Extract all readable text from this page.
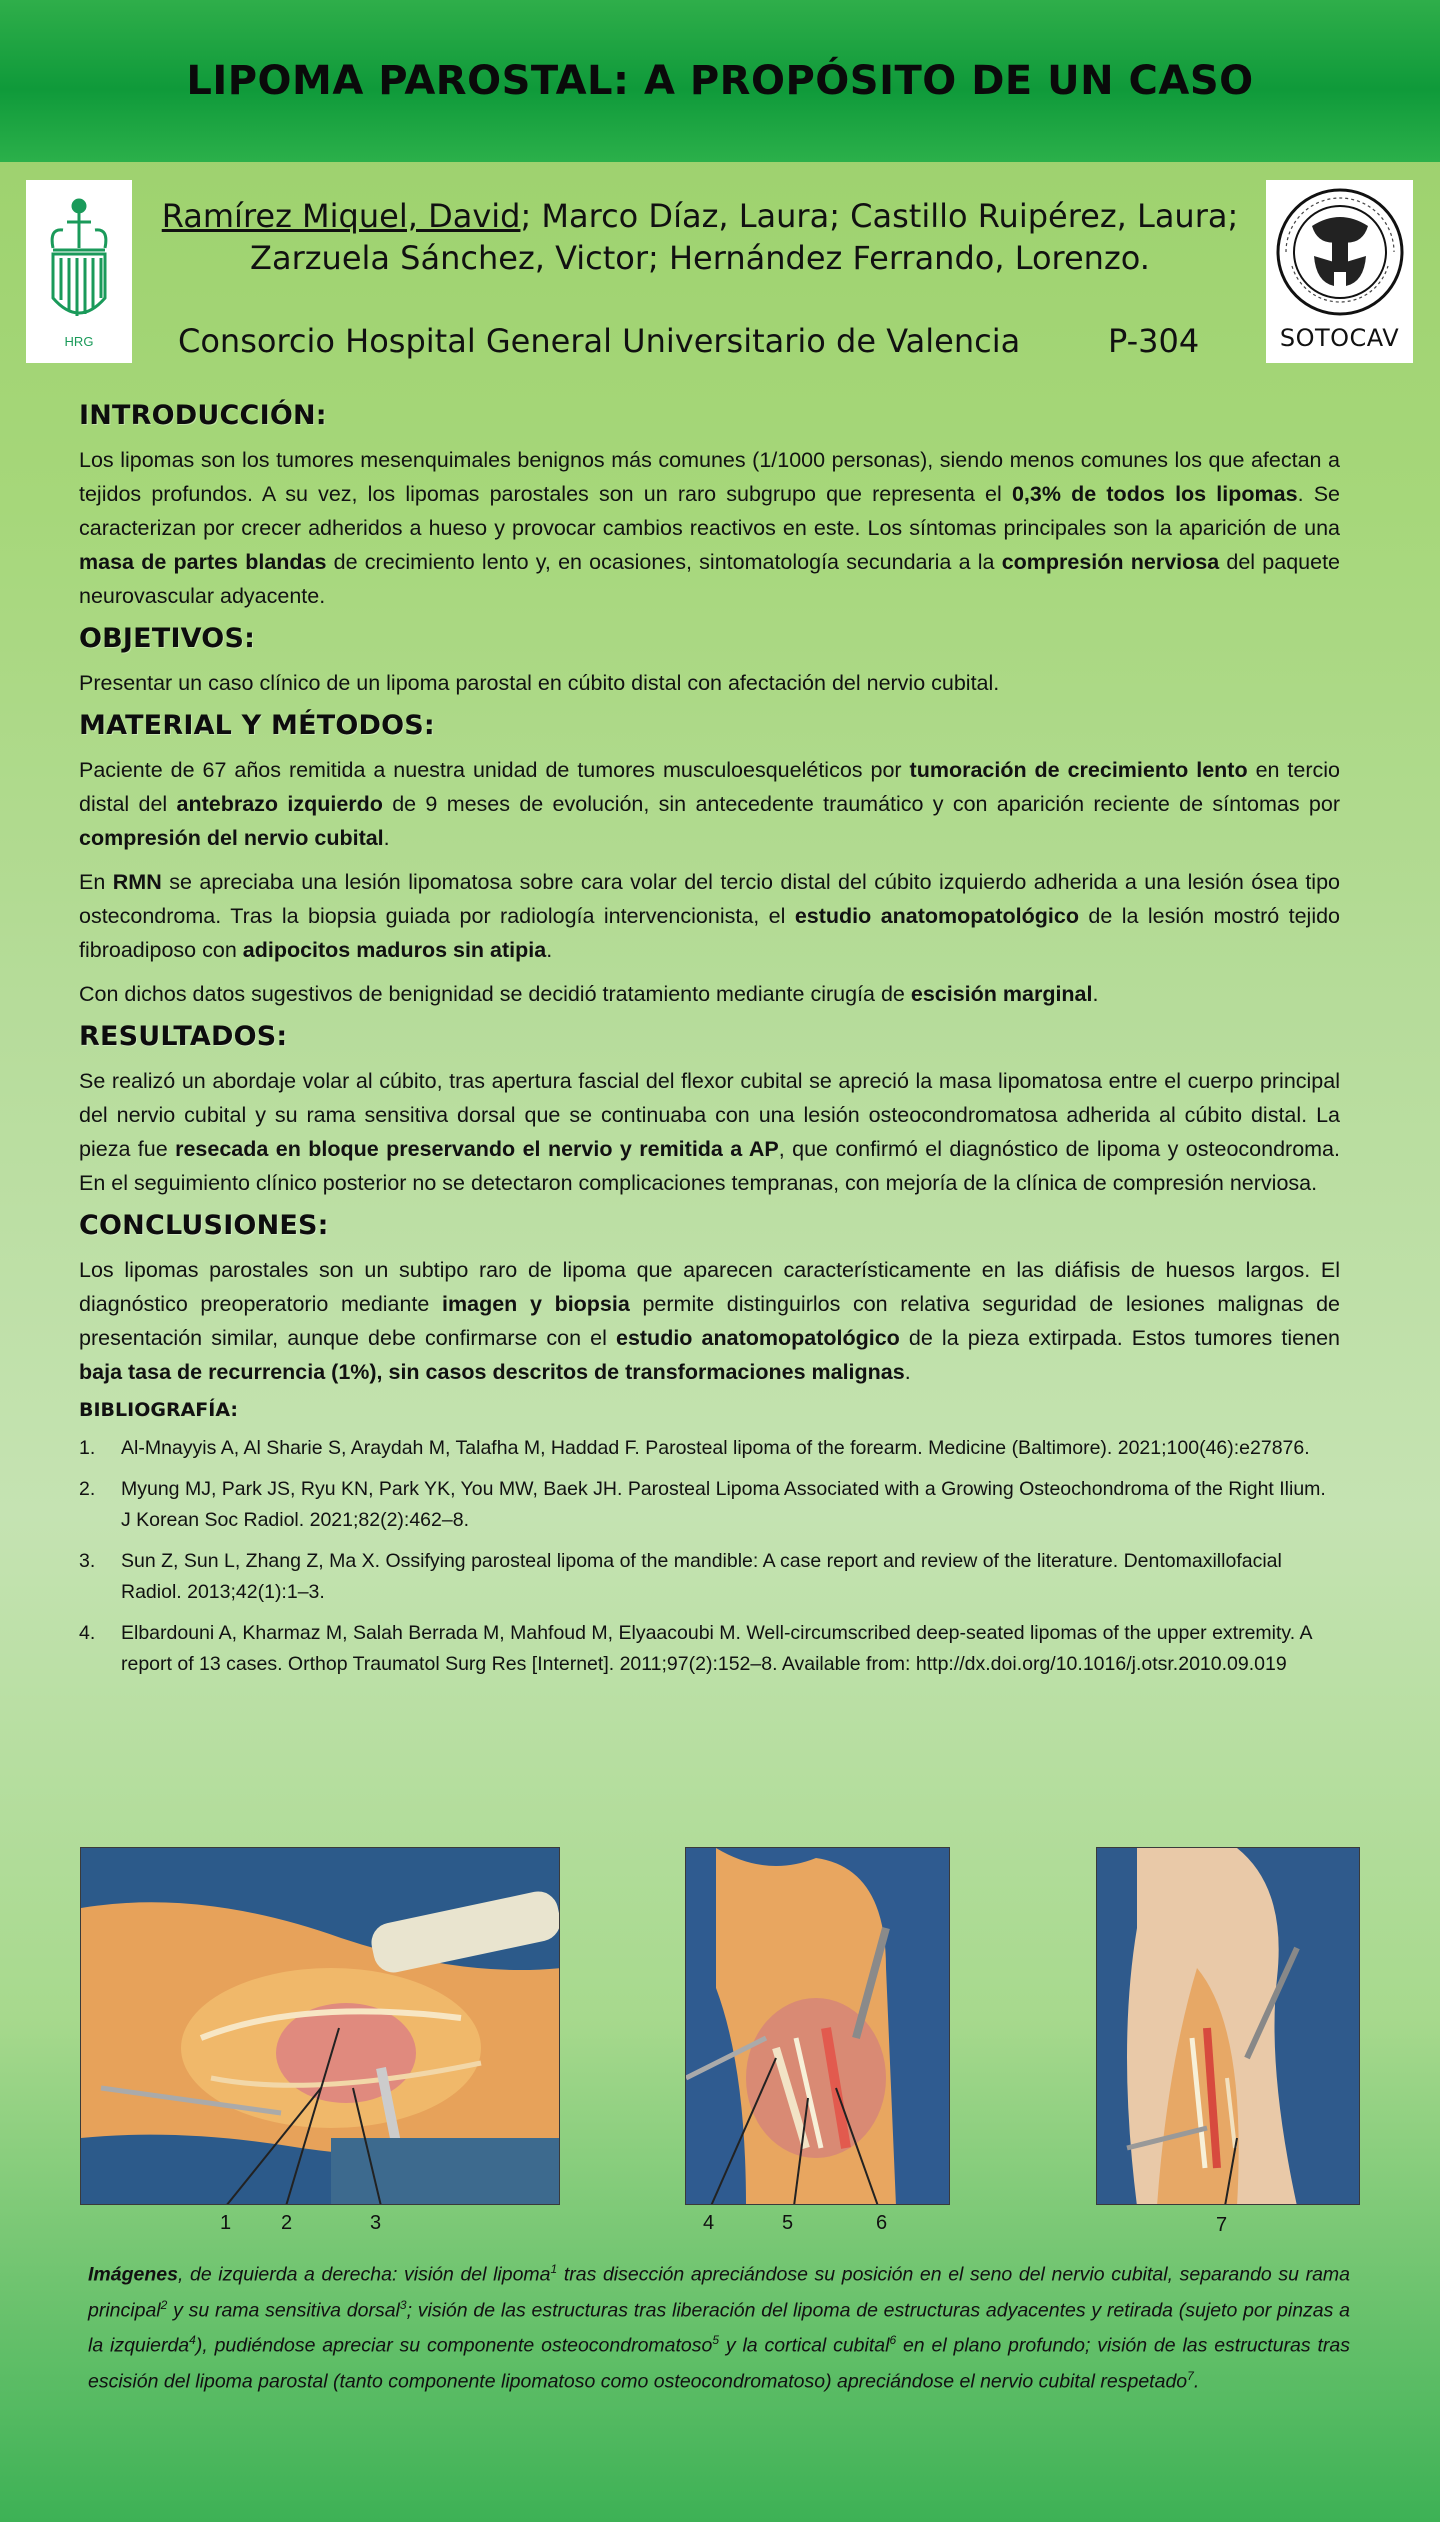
LIPOMA PAROSTAL: A PROPÓSITO DE UN CASO
HRG
Ramírez Miquel, David; Marco Díaz, Laura; Castillo Ruipérez, Laura; Zarzuela Sánchez, Victor; Hernández Ferrando, Lorenzo.
Consorcio Hospital General Universitario de Valencia	P-304	SOTOCAV
INTRODUCCIÓN:

Los lipomas son los tumores mesenquimales benignos más comunes (1/1000 personas), siendo menos comunes los que afectan a tejidos profundos. A su vez, los lipomas parostales son un raro subgrupo que representa el 0,3% de todos los lipomas. Se caracterizan por crecer adheridos a hueso y provocar cambios reactivos en este. Los síntomas principales son la aparición de una masa de partes blandas de crecimiento lento y, en ocasiones, sintomatología secundaria a la compresión nerviosa del paquete neurovascular adyacente.

OBJETIVOS:

Presentar un caso clínico de un lipoma parostal en cúbito distal con afectación del nervio cubital.

MATERIAL Y MÉTODOS:

Paciente de 67 años remitida a nuestra unidad de tumores musculoesqueléticos por tumoración de crecimiento lento en tercio distal del antebrazo izquierdo de 9 meses de evolución, sin antecedente traumático y con aparición reciente de síntomas por compresión del nervio cubital.

En RMN se apreciaba una lesión lipomatosa sobre cara volar del tercio distal del cúbito izquierdo adherida a una lesión ósea tipo ostecondroma. Tras la biopsia guiada por radiología intervencionista, el estudio anatomopatológico de la lesión mostró tejido fibroadiposo con adipocitos maduros sin atipia.

Con dichos datos sugestivos de benignidad se decidió tratamiento mediante cirugía de escisión marginal.

RESULTADOS:

Se realizó un abordaje volar al cúbito, tras apertura fascial del flexor cubital se apreció la masa lipomatosa entre el cuerpo principal del nervio cubital y su rama sensitiva dorsal que se continuaba con una lesión osteocondromatosa adherida al cúbito distal. La pieza fue resecada en bloque preservando el nervio y remitida a AP, que confirmó el diagnóstico de lipoma y osteocondroma. En el seguimiento clínico posterior no se detectaron complicaciones tempranas, con mejoría de la clínica de compresión nerviosa.

CONCLUSIONES:

Los lipomas parostales son un subtipo raro de lipoma que aparecen característicamente en las diáfisis de huesos largos. El diagnóstico preoperatorio mediante imagen y biopsia permite distinguirlos con relativa seguridad de lesiones malignas de presentación similar, aunque debe confirmarse con el estudio anatomopatológico de la pieza extirpada. Estos tumores tienen baja tasa de recurrencia (1%), sin casos descritos de transformaciones malignas.

BIBLIOGRAFÍA:
1.	Al-Mnayyis A, Al Sharie S, Araydah M, Talafha M, Haddad F. Parosteal lipoma of the forearm. Medicine (Baltimore). 2021;100(46):e27876.
2.	Myung MJ, Park JS, Ryu KN, Park YK, You MW, Baek JH. Parosteal Lipoma Associated with a Growing Osteochondroma of the Right Ilium. J Korean Soc Radiol. 2021;82(2):462–8.
3.	Sun Z, Sun L, Zhang Z, Ma X. Ossifying parosteal lipoma of the mandible: A case report and review of the literature. Dentomaxillofacial Radiol. 2013;42(1):1–3.
4.	Elbardouni A, Kharmaz M, Salah Berrada M, Mahfoud M, Elyaacoubi M. Well-circumscribed deep-seated lipomas of the upper extremity. A report of 13 cases. Orthop Traumatol Surg Res [Internet]. 2011;97(2):152–8. Available from: http://dx.doi.org/10.1016/j.otsr.2010.09.019
1 2	3	4	5	6	7

Imágenes, de izquierda a derecha: visión del lipoma$^1$ tras disección apreciándose su posición en el seno del nervio cubital, separando su rama principal$^2$ y su rama sensitiva dorsal$^3$; visión de las estructuras tras liberación del lipoma de estructuras adyacentes y retirada (sujeto por pinzas a la izquierda$^4$), pudiéndose apreciar su componente osteocondromatoso$^5$ y la cortical cubital$^6$ en el plano profundo; visión de las estructuras tras escisión del lipoma parostal (tanto componente lipomatoso como osteocondromatoso) apreciándose el nervio cubital respetado$^7$.
